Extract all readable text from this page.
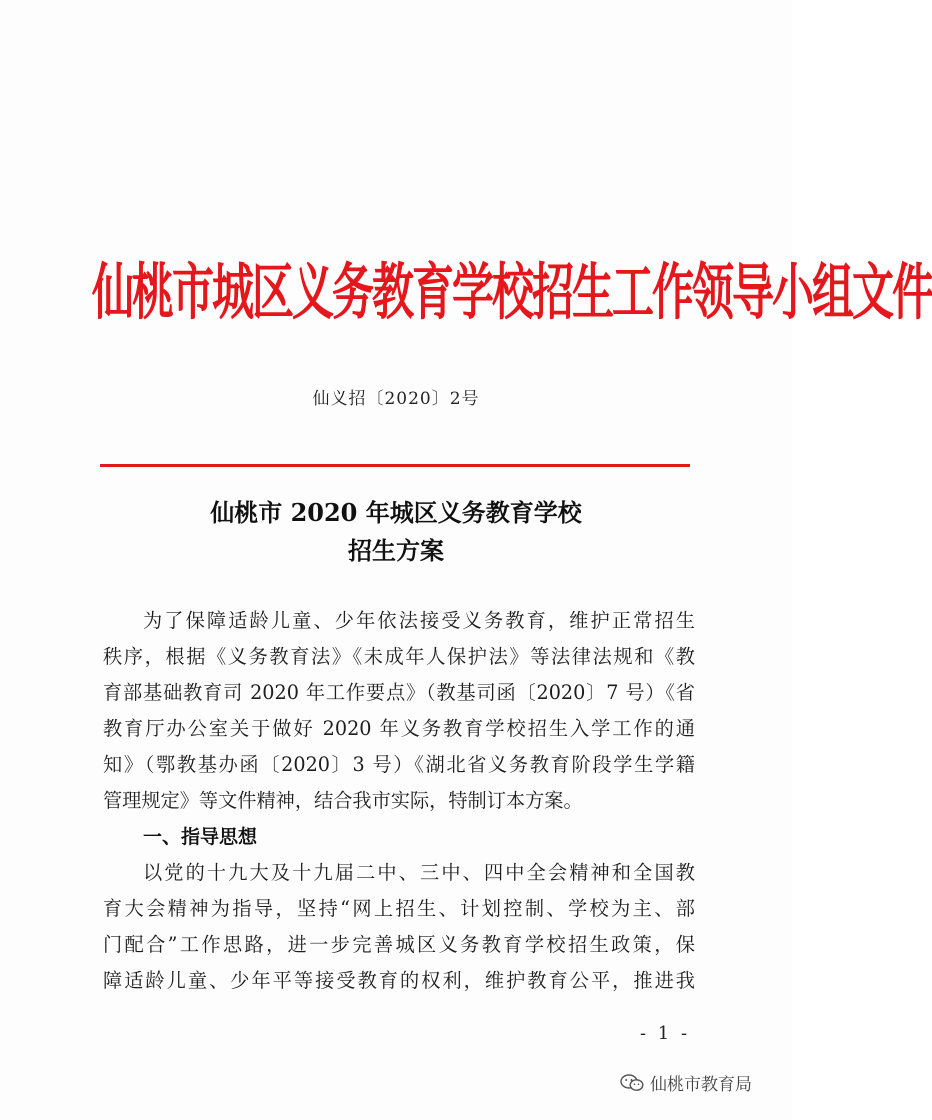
仙桃市城区义务教育学校招生工作领导小组文件
仙义招〔2020〕2号
仙桃市 2020 年城区义务教育学校
招生方案
为了保障适龄儿童、少年依法接受义务教育，维护正常招生
秩序，根据《义务教育法》《未成年人保护法》等法律法规和《教
育部基础教育司 2020 年工作要点》（教基司函〔2020〕7 号）《省
教育厅办公室关于做好 2020 年义务教育学校招生入学工作的通
知》（鄂教基办函〔2020〕3 号）《湖北省义务教育阶段学生学籍
管理规定》等文件精神，结合我市实际，特制订本方案。
一、指导思想
以党的十九大及十九届二中、三中、四中全会精神和全国教
育大会精神为指导，坚持“网上招生、计划控制、学校为主、部
门配合”工作思路，进一步完善城区义务教育学校招生政策，保
障适龄儿童、少年平等接受教育的权利，维护教育公平，推进我
- 1 -
仙桃市教育局
